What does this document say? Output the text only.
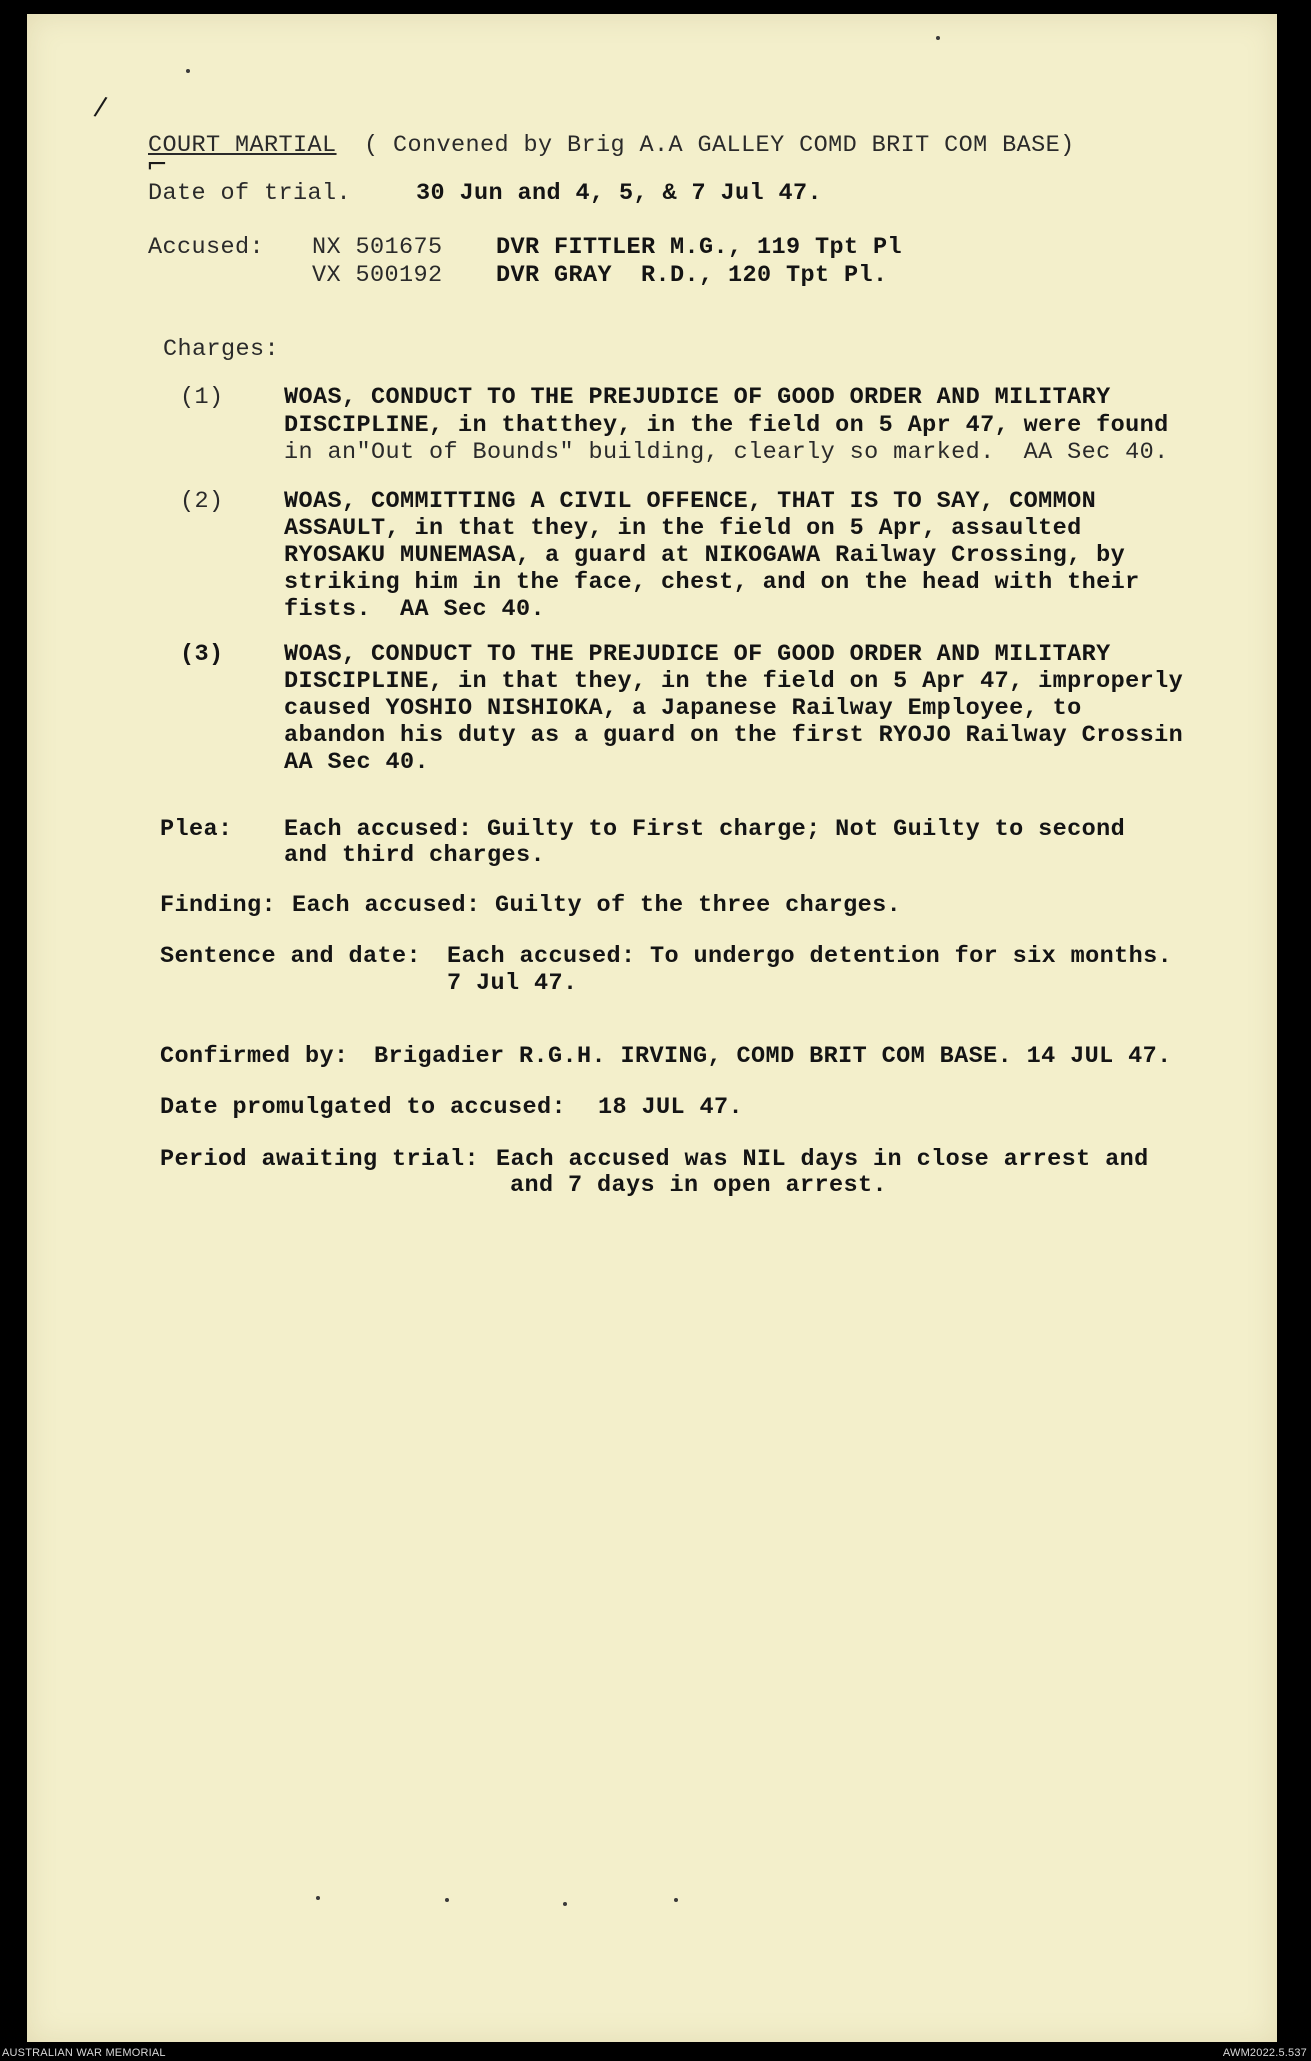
/
⌐
COURT MARTIAL ( Convened by Brig A.A GALLEY COMD BRIT COM BASE)
Date of trial.	30 Jun and 4, 5, & 7 Jul 47.
Accused: NX 501675 DVR FITTLER M.G., 119 Tpt Pl
VX 500192 DVR GRAY  R.D., 120 Tpt Pl.
Charges:
(1)	WOAS, CONDUCT TO THE PREJUDICE OF GOOD ORDER AND MILITARY
DISCIPLINE, in thatthey, in the field on 5 Apr 47, were found
in an"Out of Bounds" building, clearly so marked.  AA Sec 40.
(2)	WOAS, COMMITTING A CIVIL OFFENCE, THAT IS TO SAY, COMMON
ASSAULT, in that they, in the field on 5 Apr, assaulted
RYOSAKU MUNEMASA, a guard at NIKOGAWA Railway Crossing, by
striking him in the face, chest, and on the head with their
fists.  AA Sec 40.
(3)	WOAS, CONDUCT TO THE PREJUDICE OF GOOD ORDER AND MILITARY
DISCIPLINE, in that they, in the field on 5 Apr 47, improperly
caused YOSHIO NISHIOKA, a Japanese Railway Employee, to
abandon his duty as a guard on the first RYOJO Railway Crossin
AA Sec 40.
Plea: Each accused: Guilty to First charge; Not Guilty to second
and third charges.
Finding: Each accused: Guilty of the three charges.
Sentence and date: Each accused: To undergo detention for six months.
7 Jul 47.
Confirmed by: Brigadier R.G.H. IRVING, COMD BRIT COM BASE. 14 JUL 47.
Date promulgated to accused: 18 JUL 47.
Period awaiting trial: Each accused was NIL days in close arrest and
and 7 days in open arrest.
AUSTRALIAN WAR MEMORIAL	AWM2022.5.537
